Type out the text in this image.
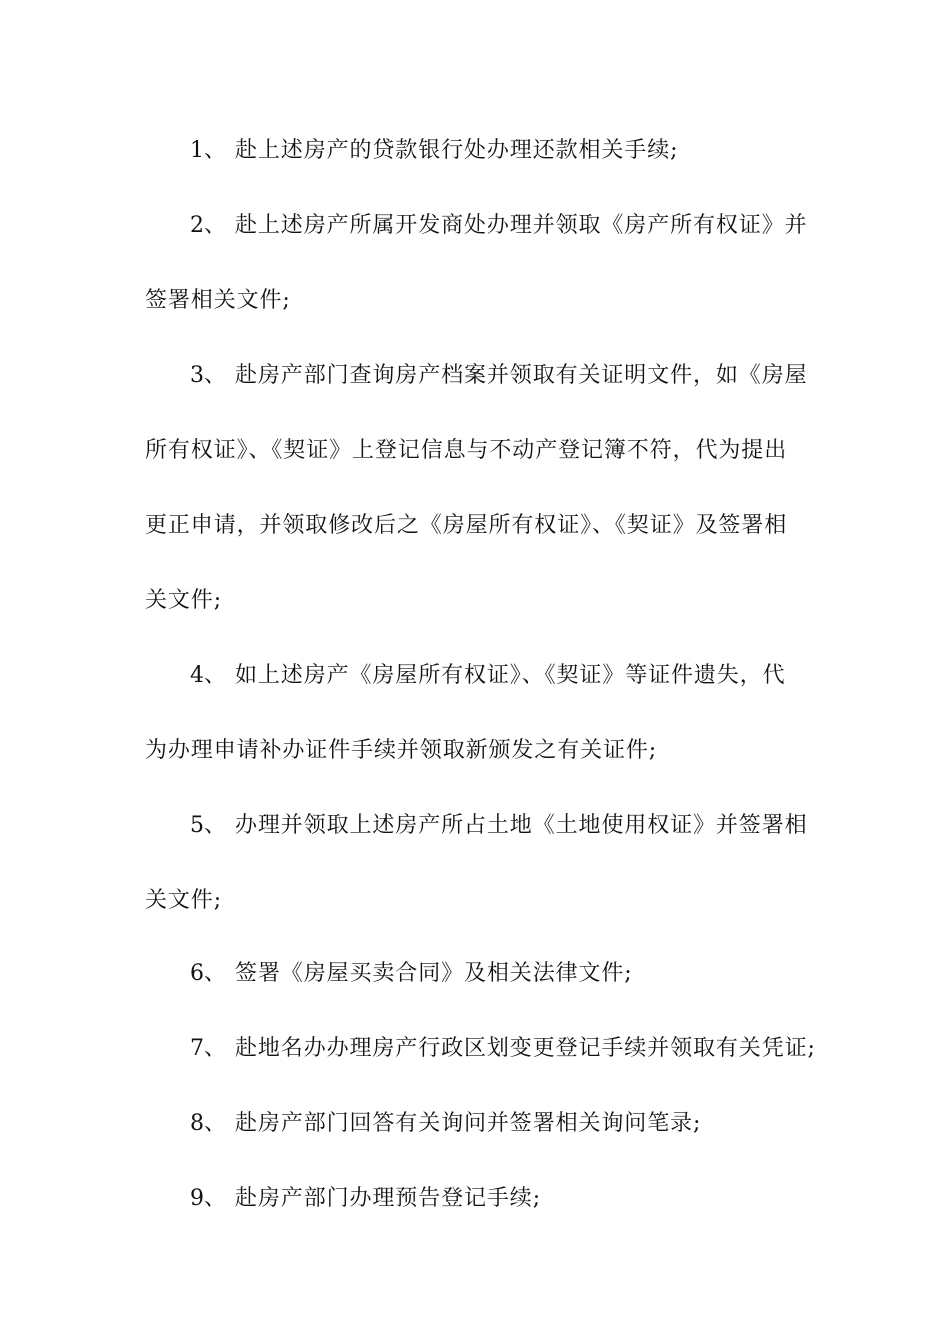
1、 赴上述房产的贷款银行处办理还款相关手续;
2、 赴上述房产所属开发商处办理并领取《房产所有权证》并
签署相关文件;
3、 赴房产部门查询房产档案并领取有关证明文件，如《房屋
所有权证》、《契证》上登记信息与不动产登记簿不符，代为提出
更正申请，并领取修改后之《房屋所有权证》、《契证》及签署相
关文件;
4、 如上述房产《房屋所有权证》、《契证》等证件遗失，代
为办理申请补办证件手续并领取新颁发之有关证件;
5、 办理并领取上述房产所占土地《土地使用权证》并签署相
关文件;
6、 签署《房屋买卖合同》及相关法律文件;
7、 赴地名办办理房产行政区划变更登记手续并领取有关凭证;
8、 赴房产部门回答有关询问并签署相关询问笔录;
9、 赴房产部门办理预告登记手续;
